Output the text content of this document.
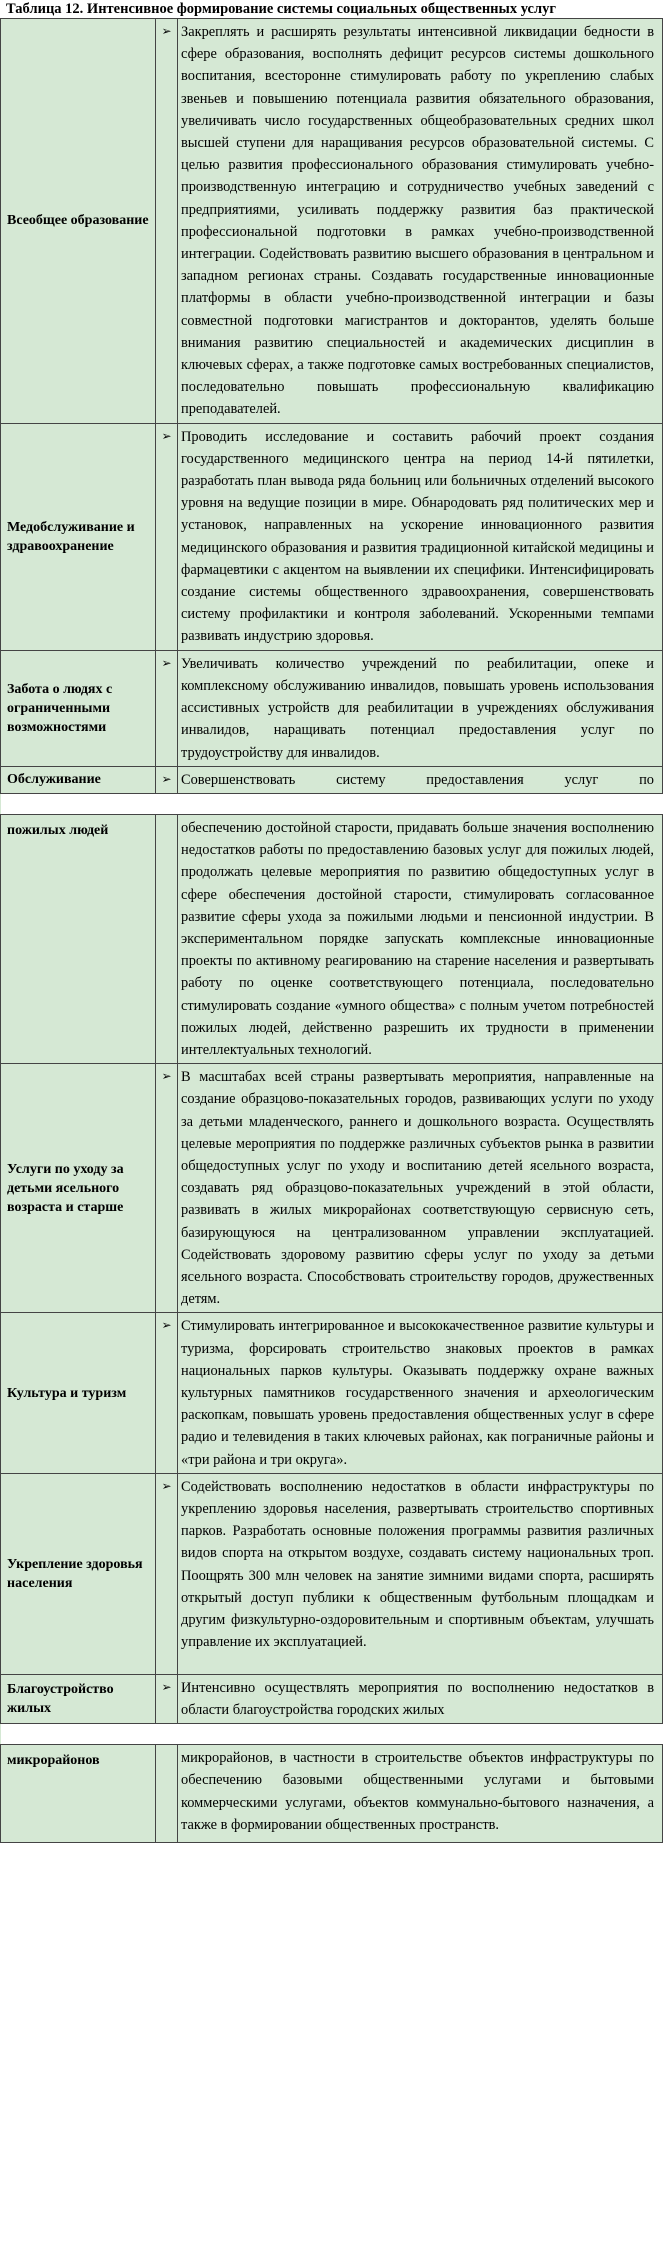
Таблица 12. Интенсивное формирование системы социальных общественных услуг
Всеобщее образование	➢	Закреплять и расширять результаты интенсивной ликвидации бедности в сфере образования, восполнять дефицит ресурсов системы дошкольного воспитания, всесторонне стимулировать работу по укреплению слабых звеньев и повышению потенциала развития обязательного образования, увеличивать число государственных общеобразовательных средних школ высшей ступени для наращивания ресурсов образовательной системы. С целью развития профессионального образования стимулировать учебно-производственную интеграцию и сотрудничество учебных заведений с предприятиями, усиливать поддержку развития баз практической профессиональной подготовки в рамках учебно-производственной интеграции. Содействовать развитию высшего образования в центральном и западном регионах страны. Создавать государственные инновационные платформы в области учебно-производственной интеграции и базы совместной подготовки магистрантов и докторантов, уделять больше внимания развитию специальностей и академических дисциплин в ключевых сферах, а также подготовке самых востребованных специалистов, последовательно повышать профессиональную квалификацию преподавателей.
Медобслуживание и здравоохранение	➢	Проводить исследование и составить рабочий проект создания государственного медицинского центра на период 14-й пятилетки, разработать план вывода ряда больниц или больничных отделений высокого уровня на ведущие позиции в мире. Обнародовать ряд политических мер и установок, направленных на ускорение инновационного развития медицинского образования и развития традиционной китайской медицины и фармацевтики с акцентом на выявлении их специфики. Интенсифицировать создание системы общественного здравоохранения, совершенствовать систему профилактики и контроля заболеваний. Ускоренными темпами развивать индустрию здоровья.
Забота о людях с ограниченными возможностями	➢	Увеличивать количество учреждений по реабилитации, опеке и комплексному обслуживанию инвалидов, повышать уровень использования ассистивных устройств для реабилитации в учреждениях обслуживания инвалидов, наращивать потенциал предоставления услуг по трудоустройству для инвалидов.
Обслуживание	➢	Совершенствовать систему предоставления услуг по

пожилых людей		обеспечению достойной старости, придавать больше значения восполнению недостатков работы по предоставлению базовых услуг для пожилых людей, продолжать целевые мероприятия по развитию общедоступных услуг в сфере обеспечения достойной старости, стимулировать согласованное развитие сферы ухода за пожилыми людьми и пенсионной индустрии. В экспериментальном порядке запускать комплексные инновационные проекты по активному реагированию на старение населения и развертывать работу по оценке соответствующего потенциала, последовательно стимулировать создание «умного общества» с полным учетом потребностей пожилых людей, действенно разрешить их трудности в применении интеллектуальных технологий.
Услуги по уходу за детьми ясельного возраста и старше	➢	В масштабах всей страны развертывать мероприятия, направленные на создание образцово-показательных городов, развивающих услуги по уходу за детьми младенческого, раннего и дошкольного возраста. Осуществлять целевые мероприятия по поддержке различных субъектов рынка в развитии общедоступных услуг по уходу и воспитанию детей ясельного возраста, создавать ряд образцово-показательных учреждений в этой области, развивать в жилых микрорайонах соответствующую сервисную сеть, базирующуюся на централизованном управлении эксплуатацией. Содействовать здоровому развитию сферы услуг по уходу за детьми ясельного возраста. Способствовать строительству городов, дружественных детям.
Культура и туризм	➢	Стимулировать интегрированное и высококачественное развитие культуры и туризма, форсировать строительство знаковых проектов в рамках национальных парков культуры. Оказывать поддержку охране важных культурных памятников государственного значения и археологическим раскопкам, повышать уровень предоставления общественных услуг в сфере радио и телевидения в таких ключевых районах, как пограничные районы и «три района и три округа».
Укрепление здоровья населения	➢	Содействовать восполнению недостатков в области инфраструктуры по укреплению здоровья населения, развертывать строительство спортивных парков. Разработать основные положения программы развития различных видов спорта на открытом воздухе, создавать систему национальных троп. Поощрять 300 млн человек на занятие зимними видами спорта, расширять открытый доступ публики к общественным футбольным площадкам и другим физкультурно-оздоровительным и спортивным объектам, улучшать управление их эксплуатацией.
Благоустройство жилых	➢	Интенсивно осуществлять мероприятия по восполнению недостатков в области благоустройства городских жилых

микрорайонов		микрорайонов, в частности в строительстве объектов инфраструктуры по обеспечению базовыми общественными услугами и бытовыми коммерческими услугами, объектов коммунально-бытового назначения, а также в формировании общественных пространств.
